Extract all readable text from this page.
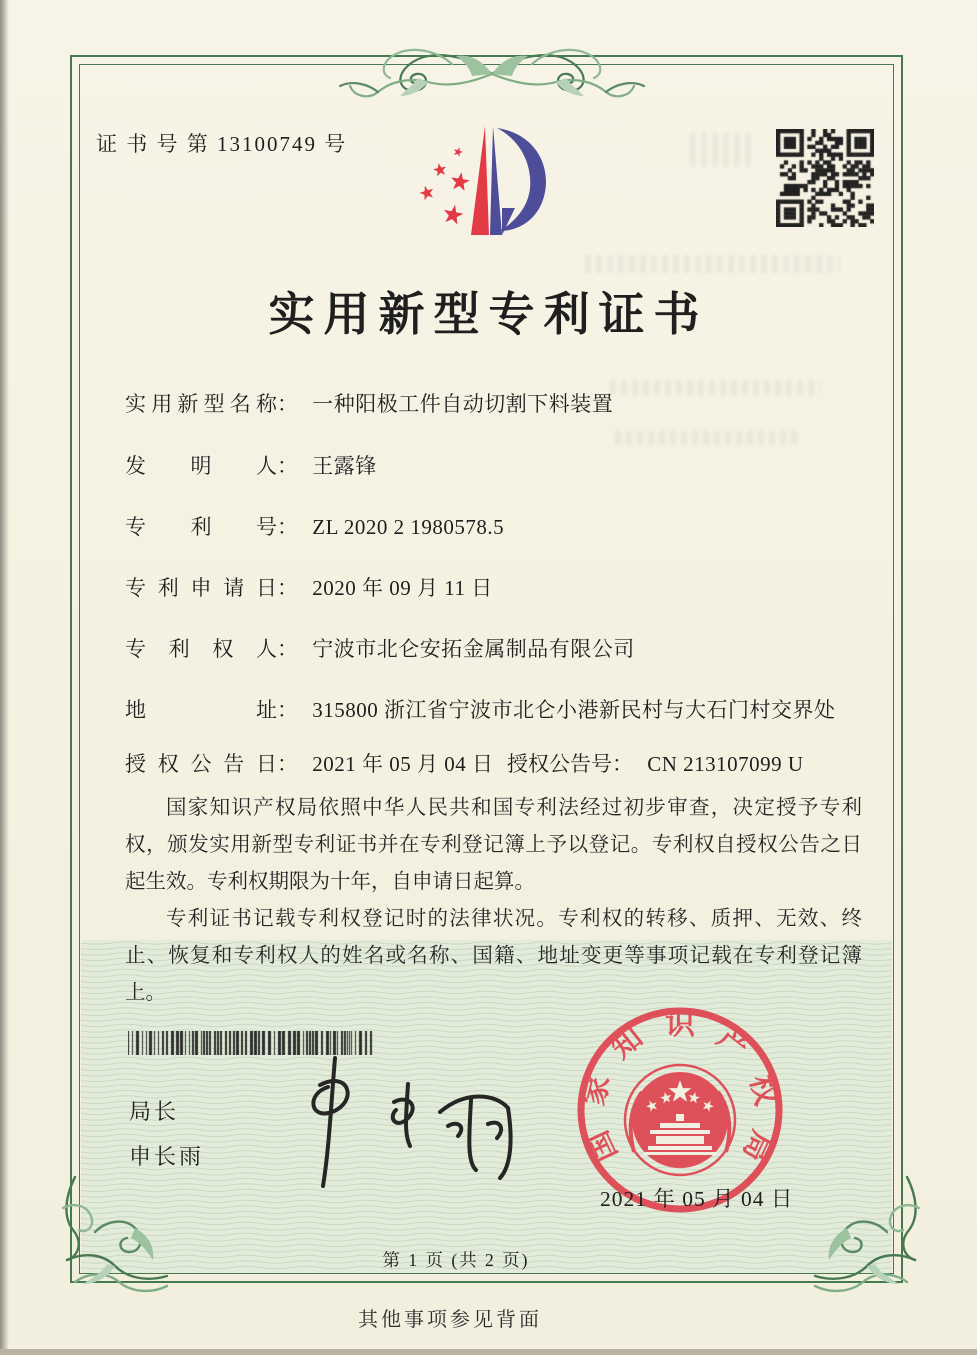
证 书 号 第 13100749 号
实用新型专利证书
实用新型名称： 一种阳极工件自动切割下料装置
发明人： 王露锋
专利号： ZL 2020 2 1980578.5
专利申请日： 2020 年 09 月 11 日
专利权人： 宁波市北仑安拓金属制品有限公司
地址： 315800 浙江省宁波市北仑小港新民村与大石门村交界处
授权公告日： 2021 年 05 月 04 日 授权公告号： CN 213107099 U

国家知识产权局依照中华人民共和国专利法经过初步审查，决定授予专利权，颁发实用新型专利证书并在专利登记簿上予以登记。专利权自授权公告之日起生效。专利权期限为十年，自申请日起算。

专利证书记载专利权登记时的法律状况。专利权的转移、质押、无效、终止、恢复和专利权人的姓名或名称、国籍、地址变更等事项记载在专利登记簿上。

局长
申长雨	国
家
知 识 产
权
局
2021 年 05 月 04 日
第 1 页 (共 2 页)
其他事项参见背面
